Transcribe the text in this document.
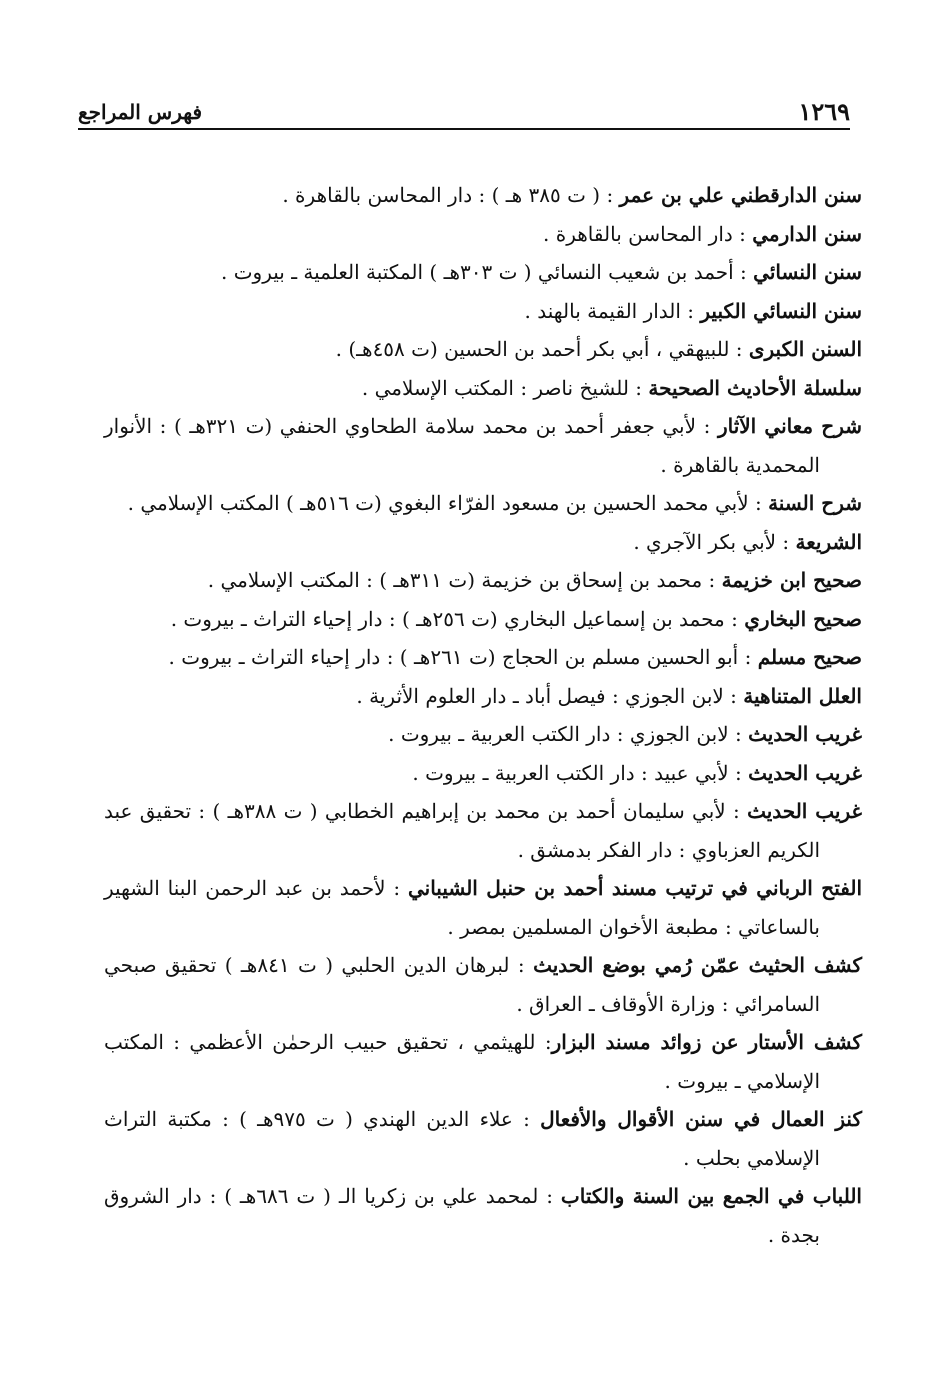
١٢٦٩
فهرس المراجع

سنن الدارقطني علي بن عمر : ( ت ٣٨٥ هـ ) : دار المحاسن بالقاهرة .

سنن الدارمي : دار المحاسن بالقاهرة .

سنن النسائي : أحمد بن شعيب النسائي ( ت ٣٠٣هـ ) المكتبة العلمية ـ بيروت .

سنن النسائي الكبير : الدار القيمة بالهند .

السنن الكبرى : للبيهقي ، أبي بكر أحمد بن الحسين (ت ٤٥٨هـ) .

سلسلة الأحاديث الصحيحة : للشيخ ناصر : المكتب الإسلامي .

شرح معاني الآثار : لأبي جعفر أحمد بن محمد سلامة الطحاوي الحنفي (ت ٣٢١هـ ) : الأنوار المحمدية بالقاهرة .

شرح السنة : لأبي محمد الحسين بن مسعود الفرّاء البغوي (ت ٥١٦هـ ) المكتب الإسلامي .

الشريعة : لأبي بكر الآجري .

صحيح ابن خزيمة : محمد بن إسحاق بن خزيمة (ت ٣١١هـ ) : المكتب الإسلامي .

صحيح البخاري : محمد بن إسماعيل البخاري (ت ٢٥٦هـ ) : دار إحياء التراث ـ بيروت .

صحيح مسلم : أبو الحسين مسلم بن الحجاج (ت ٢٦١هـ ) : دار إحياء التراث ـ بيروت .

العلل المتناهية : لابن الجوزي : فيصل أباد ـ دار العلوم الأثرية .

غريب الحديث : لابن الجوزي : دار الكتب العربية ـ بيروت .

غريب الحديث : لأبي عبيد : دار الكتب العربية ـ بيروت .

غريب الحديث : لأبي سليمان أحمد بن محمد بن إبراهيم الخطابي ( ت ٣٨٨هـ ) : تحقيق عبد الكريم العزباوي : دار الفكر بدمشق .

الفتح الرباني في ترتيب مسند أحمد بن حنبل الشيباني : لأحمد بن عبد الرحمن البنا الشهير بالساعاتي : مطبعة الأخوان المسلمين بمصر .

كشف الحثيث عمّن رُمي بوضع الحديث : لبرهان الدين الحلبي ( ت ٨٤١هـ ) تحقيق صبحي السامرائي : وزارة الأوقاف ـ العراق .

كشف الأستار عن زوائد مسند البزار: للهيثمي ، تحقيق حبيب الرحمٰن الأعظمي : المكتب الإسلامي ـ بيروت .

كنز العمال في سنن الأقوال والأفعال : علاء الدين الهندي ( ت ٩٧٥هـ ) : مكتبة التراث الإسلامي بحلب .

اللباب في الجمع بين السنة والكتاب : لمحمد علي بن زكريا الـ ( ت ٦٨٦هـ ) : دار الشروق بجدة .
